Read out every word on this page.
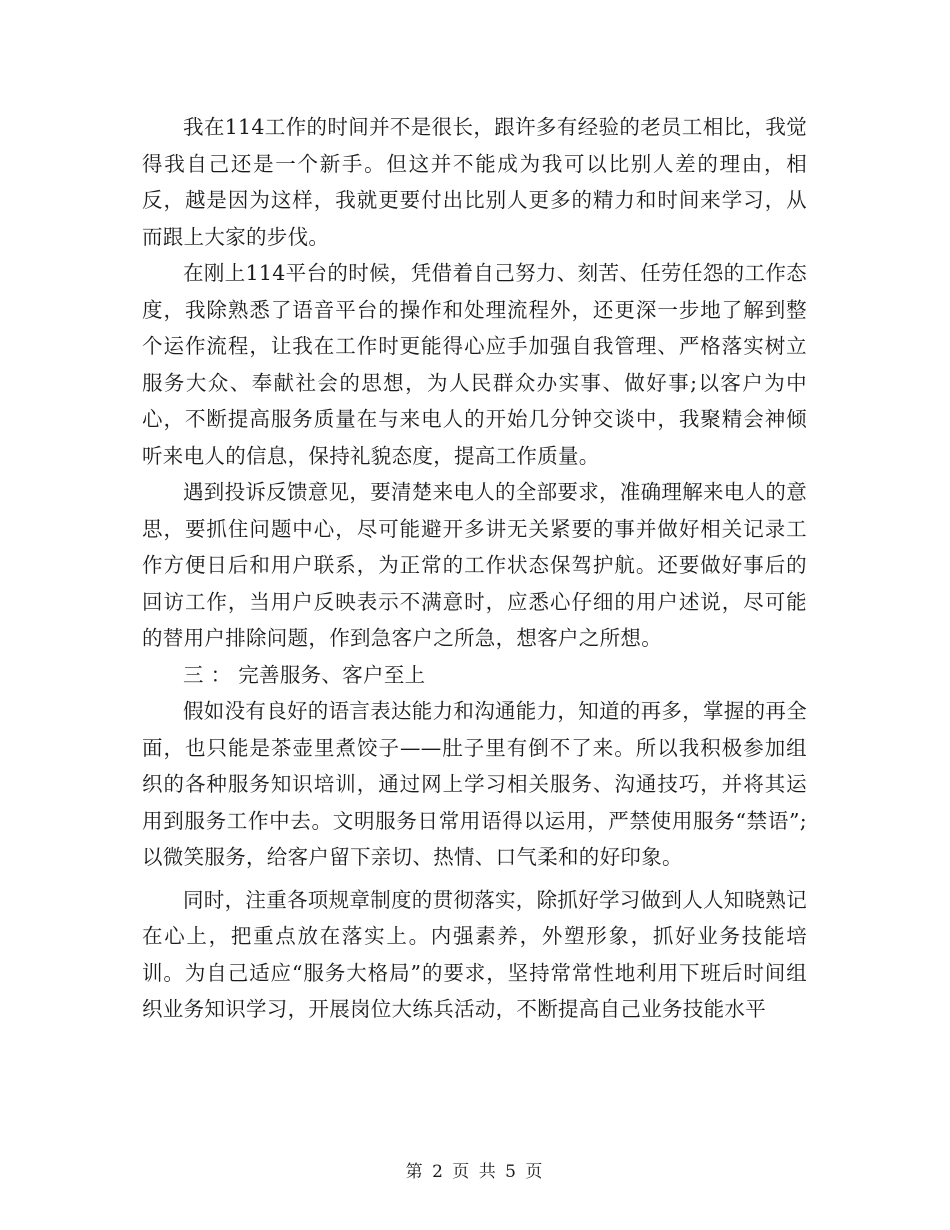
我在114工作的时间并不是很长，跟许多有经验的老员工相比，我觉得我自己还是一个新手。但这并不能成为我可以比别人差的理由，相反，越是因为这样，我就更要付出比别人更多的精力和时间来学习，从而跟上大家的步伐。

在刚上114平台的时候，凭借着自己努力、刻苦、任劳任怨的工作态度，我除熟悉了语音平台的操作和处理流程外，还更深一步地了解到整个运作流程，让我在工作时更能得心应手加强自我管理、严格落实树立服务大众、奉献社会的思想，为人民群众办实事、做好事;以客户为中心，不断提高服务质量在与来电人的开始几分钟交谈中，我聚精会神倾听来电人的信息，保持礼貌态度，提高工作质量。

遇到投诉反馈意见，要清楚来电人的全部要求，准确理解来电人的意思，要抓住问题中心，尽可能避开多讲无关紧要的事并做好相关记录工作方便日后和用户联系，为正常的工作状态保驾护航。还要做好事后的回访工作，当用户反映表示不满意时，应悉心仔细的用户述说，尽可能的替用户排除问题，作到急客户之所急，想客户之所想。

三 ： 完善服务、客户至上

假如没有良好的语言表达能力和沟通能力，知道的再多，掌握的再全面，也只能是茶壶里煮饺子——肚子里有倒不了来。所以我积极参加组织的各种服务知识培训，通过网上学习相关服务、沟通技巧，并将其运用到服务工作中去。文明服务日常用语得以运用，严禁使用服务“禁语”;以微笑服务，给客户留下亲切、热情、口气柔和的好印象。

同时，注重各项规章制度的贯彻落实，除抓好学习做到人人知晓熟记在心上，把重点放在落实上。内强素养，外塑形象，抓好业务技能培训。为自己适应“服务大格局”的要求，坚持常常性地利用下班后时间组织业务知识学习，开展岗位大练兵活动，不断提高自己业务技能水平

第 2 页 共 5 页
